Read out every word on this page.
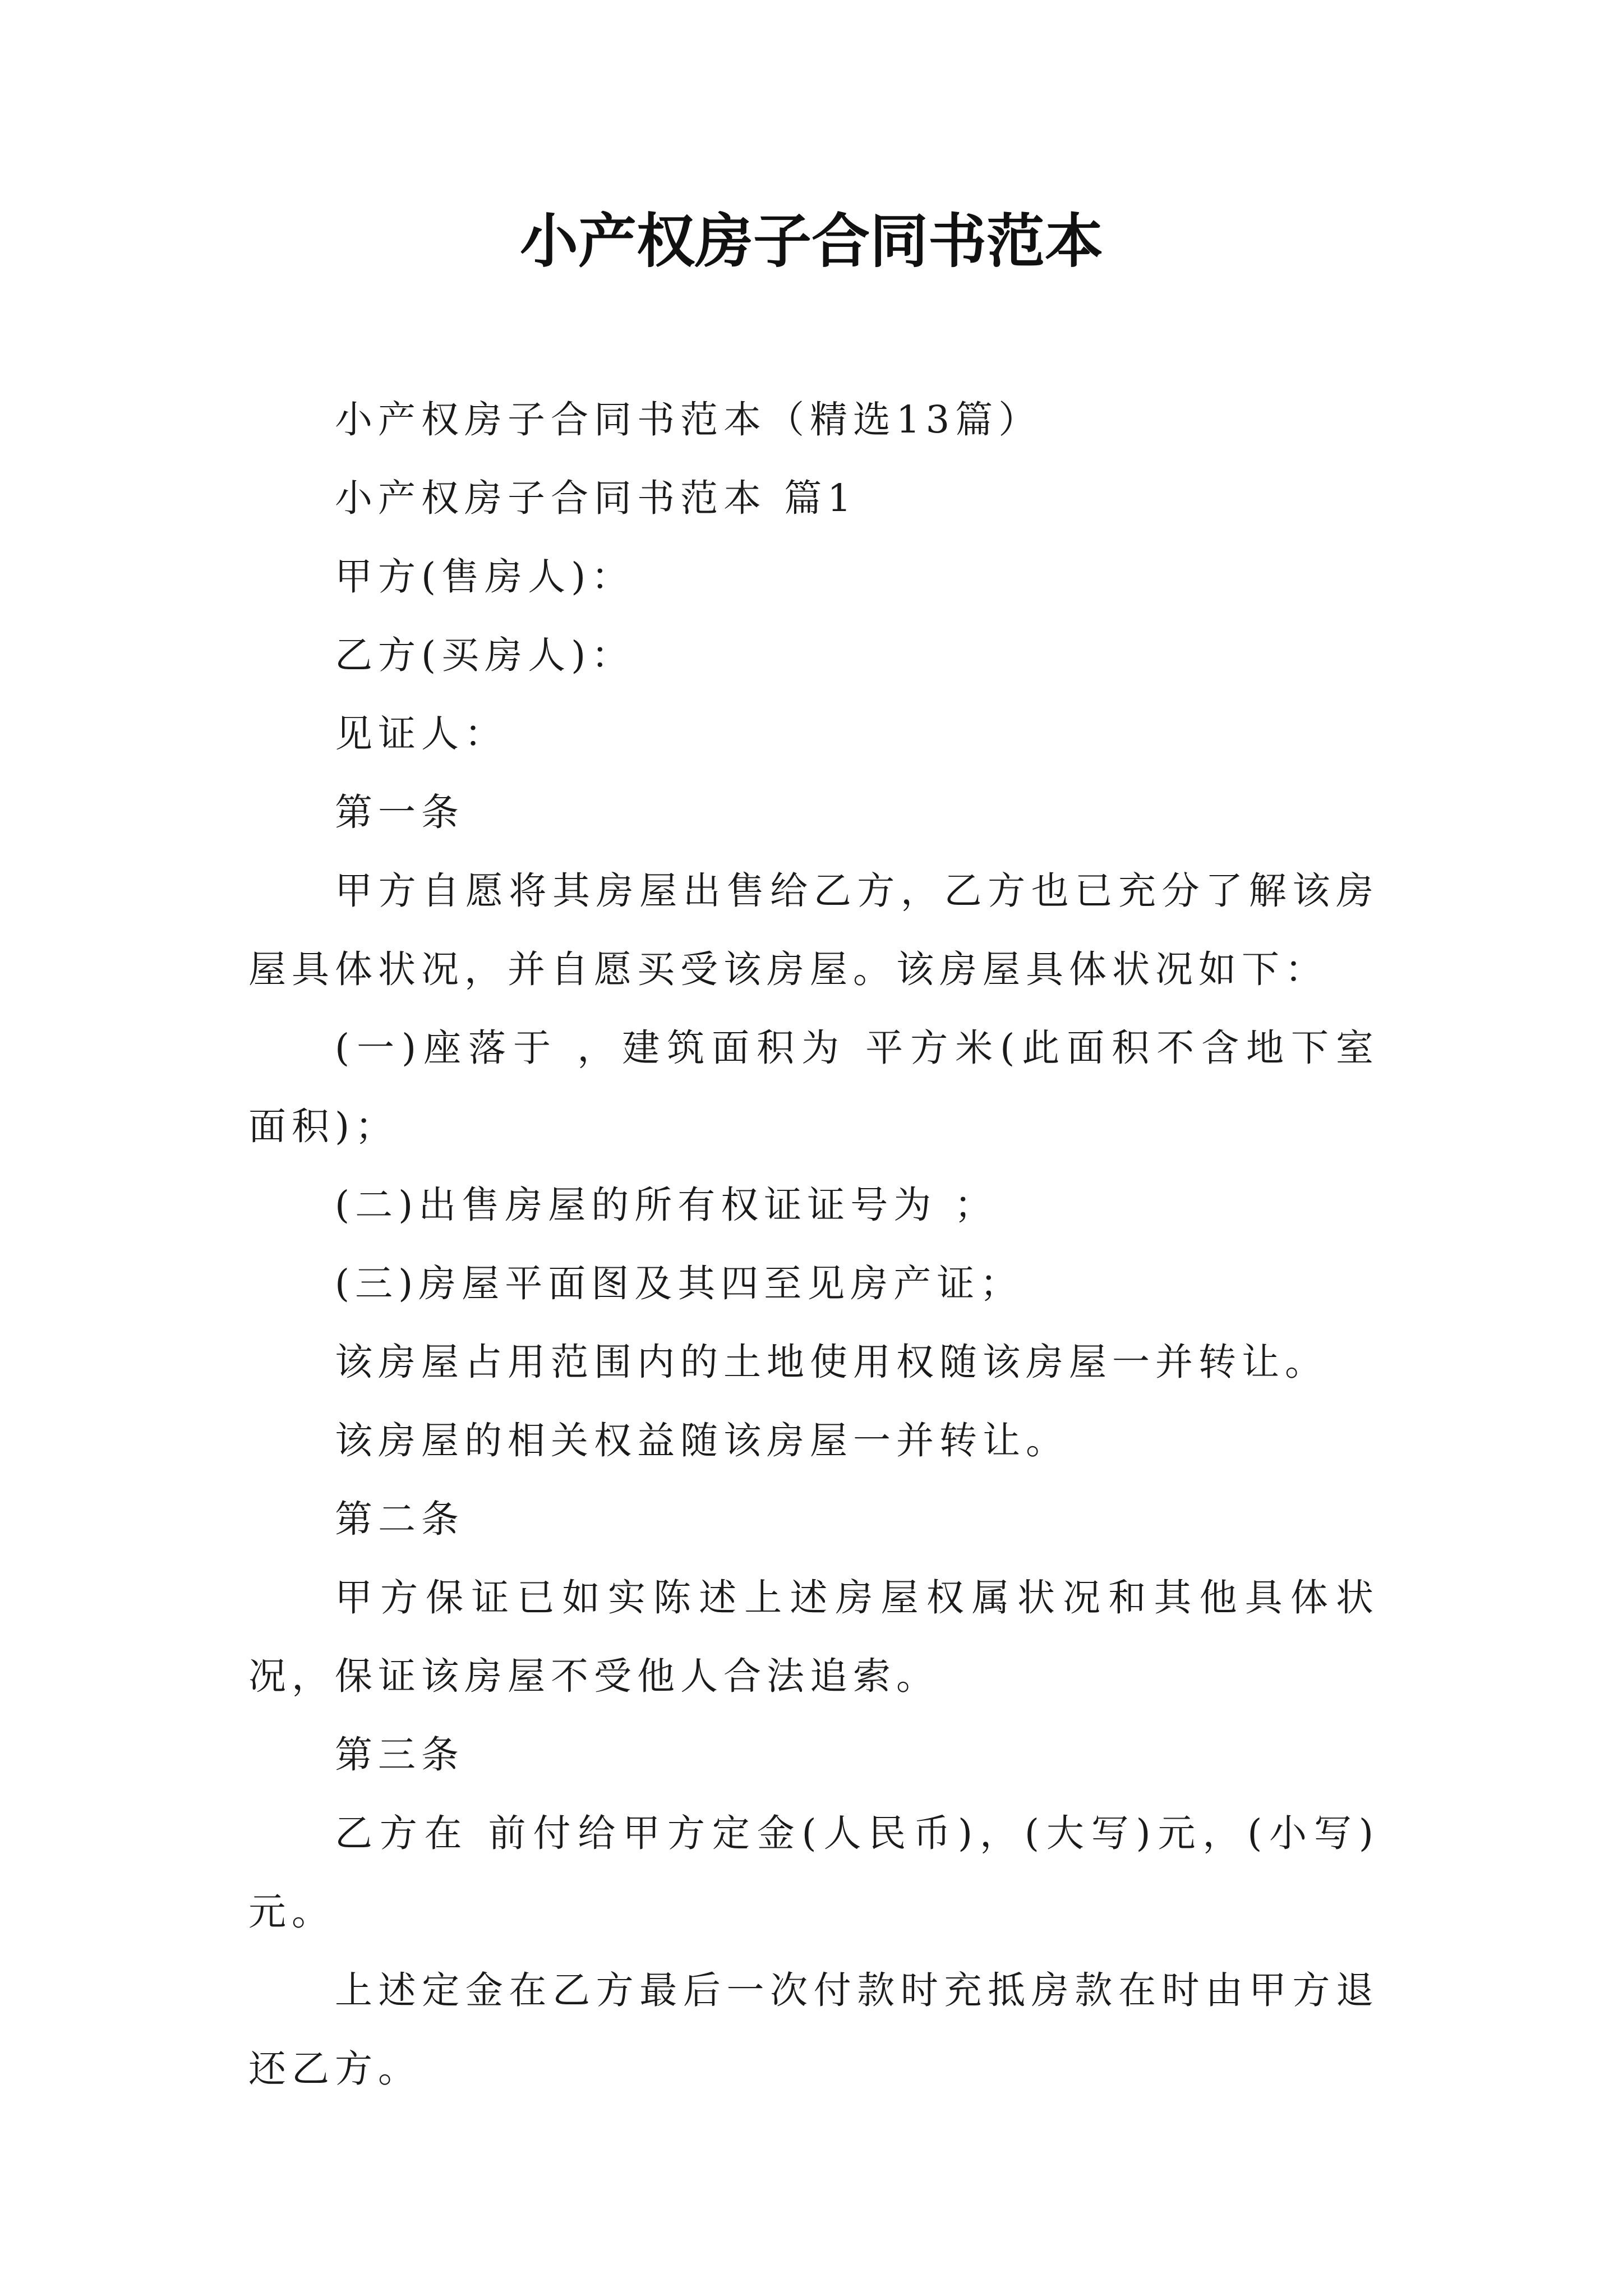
小产权房子合同书范本

小产权房子合同书范本（精选13篇）

小产权房子合同书范本 篇1

甲方(售房人)：

乙方(买房人)：

见证人：

第一条

甲方自愿将其房屋出售给乙方，乙方也已充分了解该房屋具体状况，并自愿买受该房屋。该房屋具体状况如下：

(一)座落于 ，建筑面积为 平方米(此面积不含地下室面积)；

(二)出售房屋的所有权证证号为 ；

(三)房屋平面图及其四至见房产证；

该房屋占用范围内的土地使用权随该房屋一并转让。

该房屋的相关权益随该房屋一并转让。

第二条

甲方保证已如实陈述上述房屋权属状况和其他具体状况，保证该房屋不受他人合法追索。

第三条

乙方在 前付给甲方定金(人民币)，(大写)元，(小写)元。

上述定金在乙方最后一次付款时充抵房款在时由甲方退还乙方。
